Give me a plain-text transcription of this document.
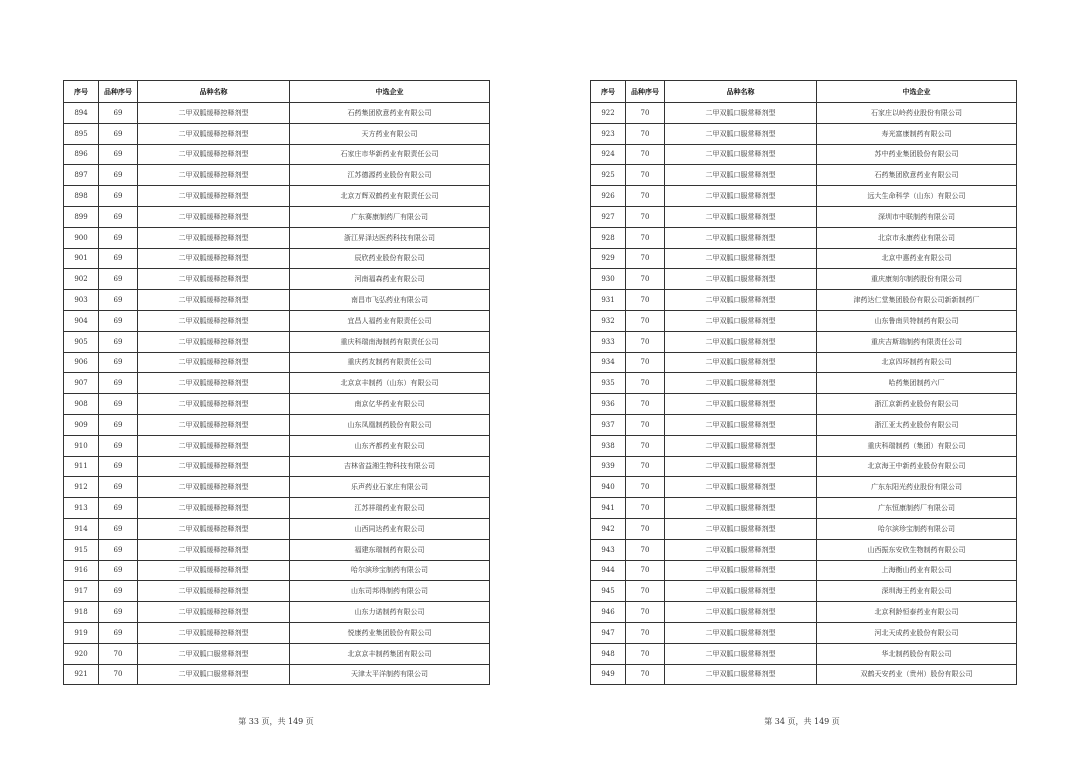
序号	品种序号	品种名称	中选企业
894	69	二甲双胍缓释控释剂型	石药集团欧意药业有限公司
895	69	二甲双胍缓释控释剂型	天方药业有限公司
896	69	二甲双胍缓释控释剂型	石家庄市华新药业有限责任公司
897	69	二甲双胍缓释控释剂型	江苏德源药业股份有限公司
898	69	二甲双胍缓释控释剂型	北京万辉双鹤药业有限责任公司
899	69	二甲双胍缓释控释剂型	广东赛康制药厂有限公司
900	69	二甲双胍缓释控释剂型	浙江昇泽达医药科技有限公司
901	69	二甲双胍缓释控释剂型	辰欣药业股份有限公司
902	69	二甲双胍缓释控释剂型	河南福森药业有限公司
903	69	二甲双胍缓释控释剂型	南昌市飞弘药业有限公司
904	69	二甲双胍缓释控释剂型	宜昌人福药业有限责任公司
905	69	二甲双胍缓释控释剂型	重庆科瑞南海制药有限责任公司
906	69	二甲双胍缓释控释剂型	重庆药友制药有限责任公司
907	69	二甲双胍缓释控释剂型	北京京丰制药（山东）有限公司
908	69	二甲双胍缓释控释剂型	南京亿华药业有限公司
909	69	二甲双胍缓释控释剂型	山东凤凰制药股份有限公司
910	69	二甲双胍缓释控释剂型	山东齐都药业有限公司
911	69	二甲双胍缓释控释剂型	吉林省益湘生物科技有限公司
912	69	二甲双胍缓释控释剂型	乐声药业石家庄有限公司
913	69	二甲双胍缓释控释剂型	江苏祥瑞药业有限公司
914	69	二甲双胍缓释控释剂型	山西同达药业有限公司
915	69	二甲双胍缓释控释剂型	福建东瑞制药有限公司
916	69	二甲双胍缓释控释剂型	哈尔滨珍宝制药有限公司
917	69	二甲双胍缓释控释剂型	山东司邦得制药有限公司
918	69	二甲双胍缓释控释剂型	山东力诺制药有限公司
919	69	二甲双胍缓释控释剂型	悦康药业集团股份有限公司
920	70	二甲双胍口服常释剂型	北京京丰制药集团有限公司
921	70	二甲双胍口服常释剂型	天津太平洋制药有限公司
序号	品种序号	品种名称	中选企业
922	70	二甲双胍口服常释剂型	石家庄以岭药业股份有限公司
923	70	二甲双胍口服常释剂型	寿光富康制药有限公司
924	70	二甲双胍口服常释剂型	苏中药业集团股份有限公司
925	70	二甲双胍口服常释剂型	石药集团欧意药业有限公司
926	70	二甲双胍口服常释剂型	远大生命科学（山东）有限公司
927	70	二甲双胍口服常释剂型	深圳市中联制药有限公司
928	70	二甲双胍口服常释剂型	北京市永康药业有限公司
929	70	二甲双胍口服常释剂型	北京中惠药业有限公司
930	70	二甲双胍口服常释剂型	重庆康刻尔制药股份有限公司
931	70	二甲双胍口服常释剂型	津药达仁堂集团股份有限公司新新制药厂
932	70	二甲双胍口服常释剂型	山东鲁南贝特制药有限公司
933	70	二甲双胍口服常释剂型	重庆吉斯瑞制药有限责任公司
934	70	二甲双胍口服常释剂型	北京四环制药有限公司
935	70	二甲双胍口服常释剂型	哈药集团制药六厂
936	70	二甲双胍口服常释剂型	浙江京新药业股份有限公司
937	70	二甲双胍口服常释剂型	浙江亚太药业股份有限公司
938	70	二甲双胍口服常释剂型	重庆科瑞制药（集团）有限公司
939	70	二甲双胍口服常释剂型	北京海王中新药业股份有限公司
940	70	二甲双胍口服常释剂型	广东东阳光药业股份有限公司
941	70	二甲双胍口服常释剂型	广东恒康制药厂有限公司
942	70	二甲双胍口服常释剂型	哈尔滨珍宝制药有限公司
943	70	二甲双胍口服常释剂型	山西振东安欣生物制药有限公司
944	70	二甲双胍口服常释剂型	上海衡山药业有限公司
945	70	二甲双胍口服常释剂型	深圳海王药业有限公司
946	70	二甲双胍口服常释剂型	北京利龄恒泰药业有限公司
947	70	二甲双胍口服常释剂型	河北天成药业股份有限公司
948	70	二甲双胍口服常释剂型	华北制药股份有限公司
949	70	二甲双胍口服常释剂型	双鹤天安药业（贵州）股份有限公司
第 33 页，共 149 页	第 34 页，共 149 页
